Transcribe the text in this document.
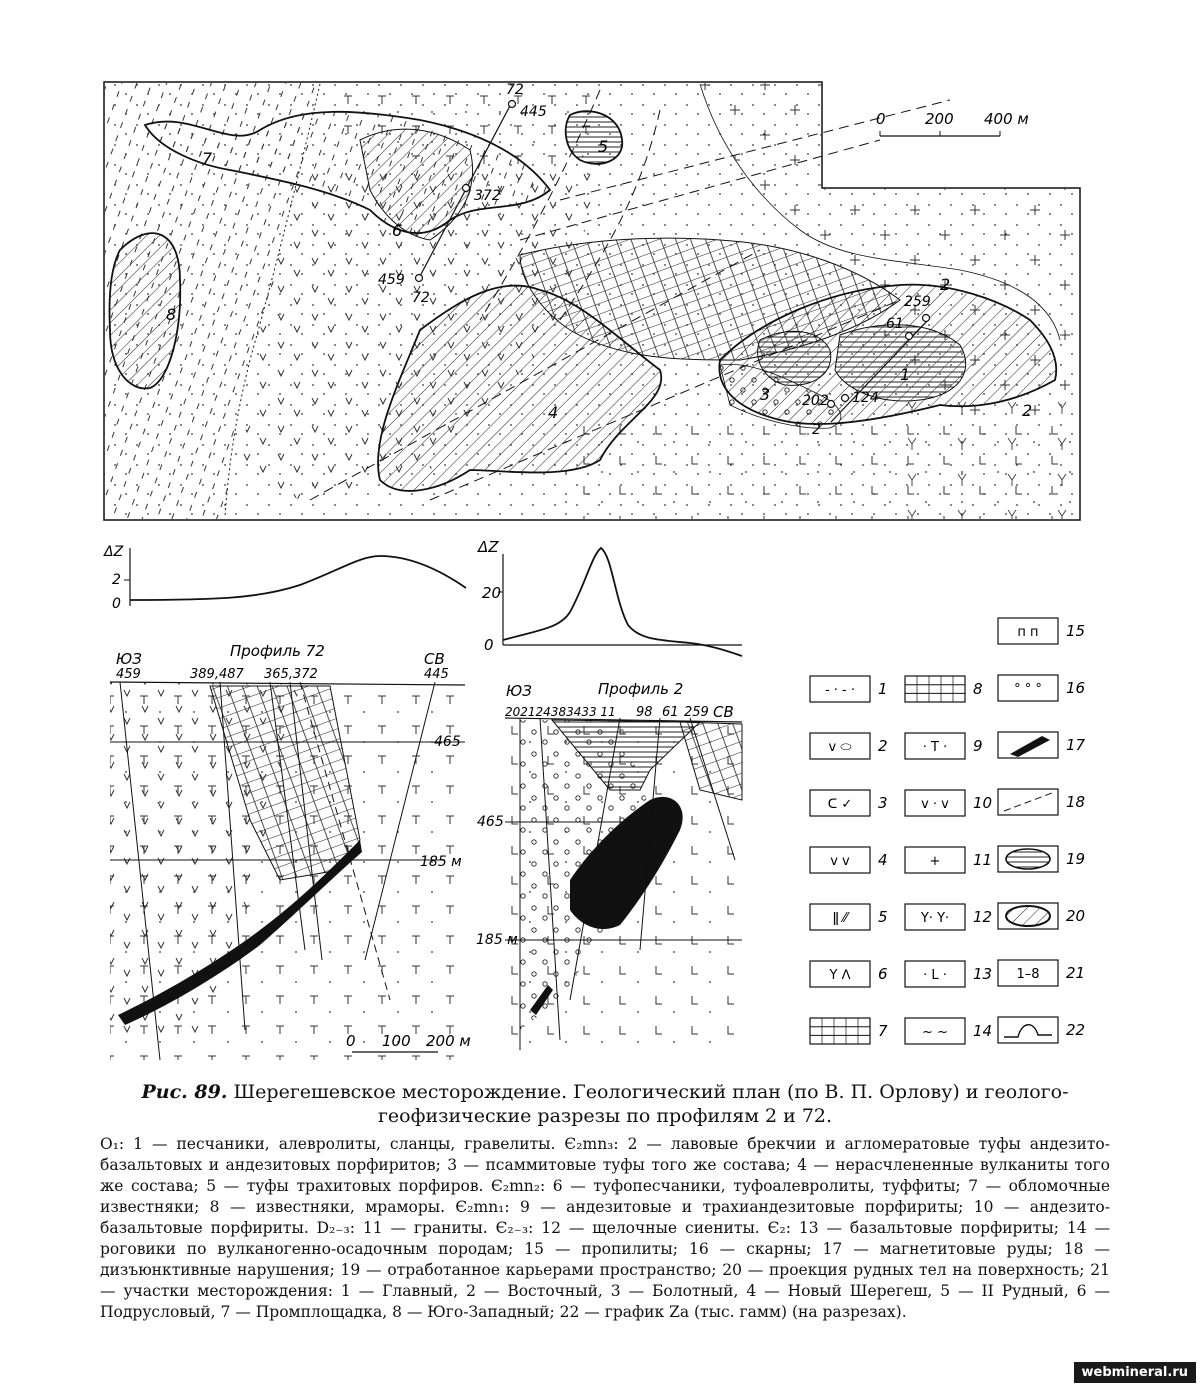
0	200 400 м
72
445
372
459
72	259
61
124
202
2
1
2
3
4
5
6
7
8
2
ΔZ
2
0
ΔZ
20
0
ЮЗ	СВ
Профиль 72
459	389,487 365,372	445
465
185 м
0 100 200 м
ЮЗ
СВ
Профиль 2
202124383433 11 98 61 259
465
185 м
- · - · 1
v ⬭ 2
ᑕ ✓ 3
v v 4
ǁ ⁄⁄ 5
Y ᐱ 6
7
8
· T · 9
v · v 10
+ 11
Y· Y· 12
· L · 13
~ ~ 14
п п 15
° ° ° 16
17
18
19
20
1–8 21
22

Рис. 89. Шерегешевское месторождение. Геологический план (по В. П. Орлову) и геолого-геофизические разрезы по профилям 2 и 72.

O₁: 1 — песчаники, алевролиты, сланцы, гравелиты. Є₂mn₃: 2 — лавовые брекчии и агломератовые туфы андезито-базальтовых и андезитовых порфиритов; 3 — псаммитовые туфы того же состава; 4 — нерасчлененные вулканиты того же состава; 5 — туфы трахитовых порфиров. Є₂mn₂: 6 — туфопесчаники, туфоалевролиты, туффиты; 7 — обломочные известняки; 8 — известняки, мраморы. Є₂mn₁: 9 — андезитовые и трахиандезитовые порфириты; 10 — андезито-базальтовые порфириты. D₂₋₃: 11 — граниты. Є₂₋₃: 12 — щелочные сиениты. Є₂: 13 — базальтовые порфириты; 14 — роговики по вулканогенно-осадочным породам; 15 — пропилиты; 16 — скарны; 17 — магнетитовые руды; 18 — дизъюнктивные нарушения; 19 — отработанное карьерами пространство; 20 — проекция рудных тел на поверхность; 21 — участки месторождения: 1 — Главный, 2 — Восточный, 3 — Болотный, 4 — Новый Шерегеш, 5 — II Рудный, 6 — Подрусловый, 7 — Промплощадка, 8 — Юго-Западный; 22 — график Za (тыс. гамм) (на разрезах).

webmineral.ru
